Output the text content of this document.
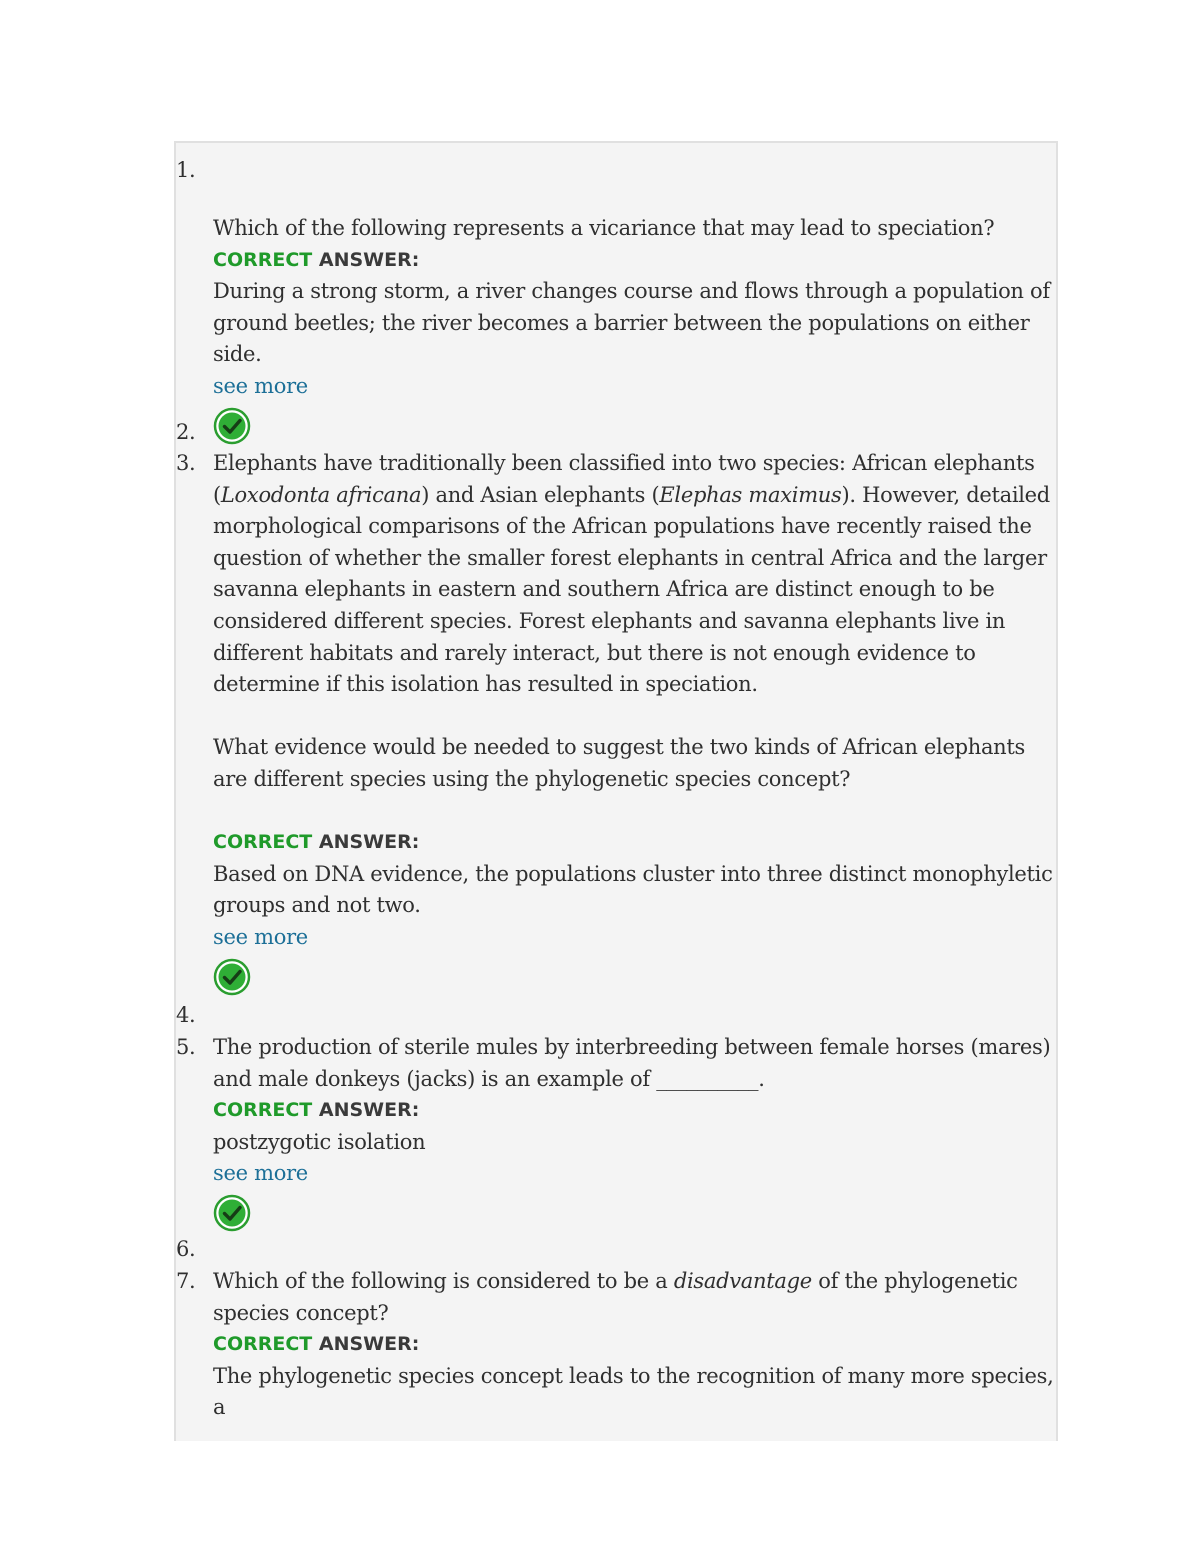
1.

Which of the following represents a vicariance that may lead to speciation?

CORRECT ANSWER:

During a strong storm, a river changes course and flows through a population of ground beetles; the river becomes a barrier between the populations on either side.

see more

2.
3. Elephants have traditionally been classified into two species: African elephants (Loxodonta africana) and Asian elephants (Elephas maximus). However, detailed morphological comparisons of the African populations have recently raised the question of whether the smaller forest elephants in central Africa and the larger savanna elephants in eastern and southern Africa are distinct enough to be considered different species. Forest elephants and savanna elephants live in different habitats and rarely interact, but there is not enough evidence to determine if this isolation has resulted in speciation.

What evidence would be needed to suggest the two kinds of African elephants are different species using the phylogenetic species concept?

CORRECT ANSWER:

Based on DNA evidence, the populations cluster into three distinct monophyletic groups and not two.

see more

4.
5. The production of sterile mules by interbreeding between female horses (mares) and male donkeys (jacks) is an example of __________.

CORRECT ANSWER:

postzygotic isolation

see more

6.
7. Which of the following is considered to be a disadvantage of the phylogenetic species concept?

CORRECT ANSWER:

The phylogenetic species concept leads to the recognition of many more species, a
